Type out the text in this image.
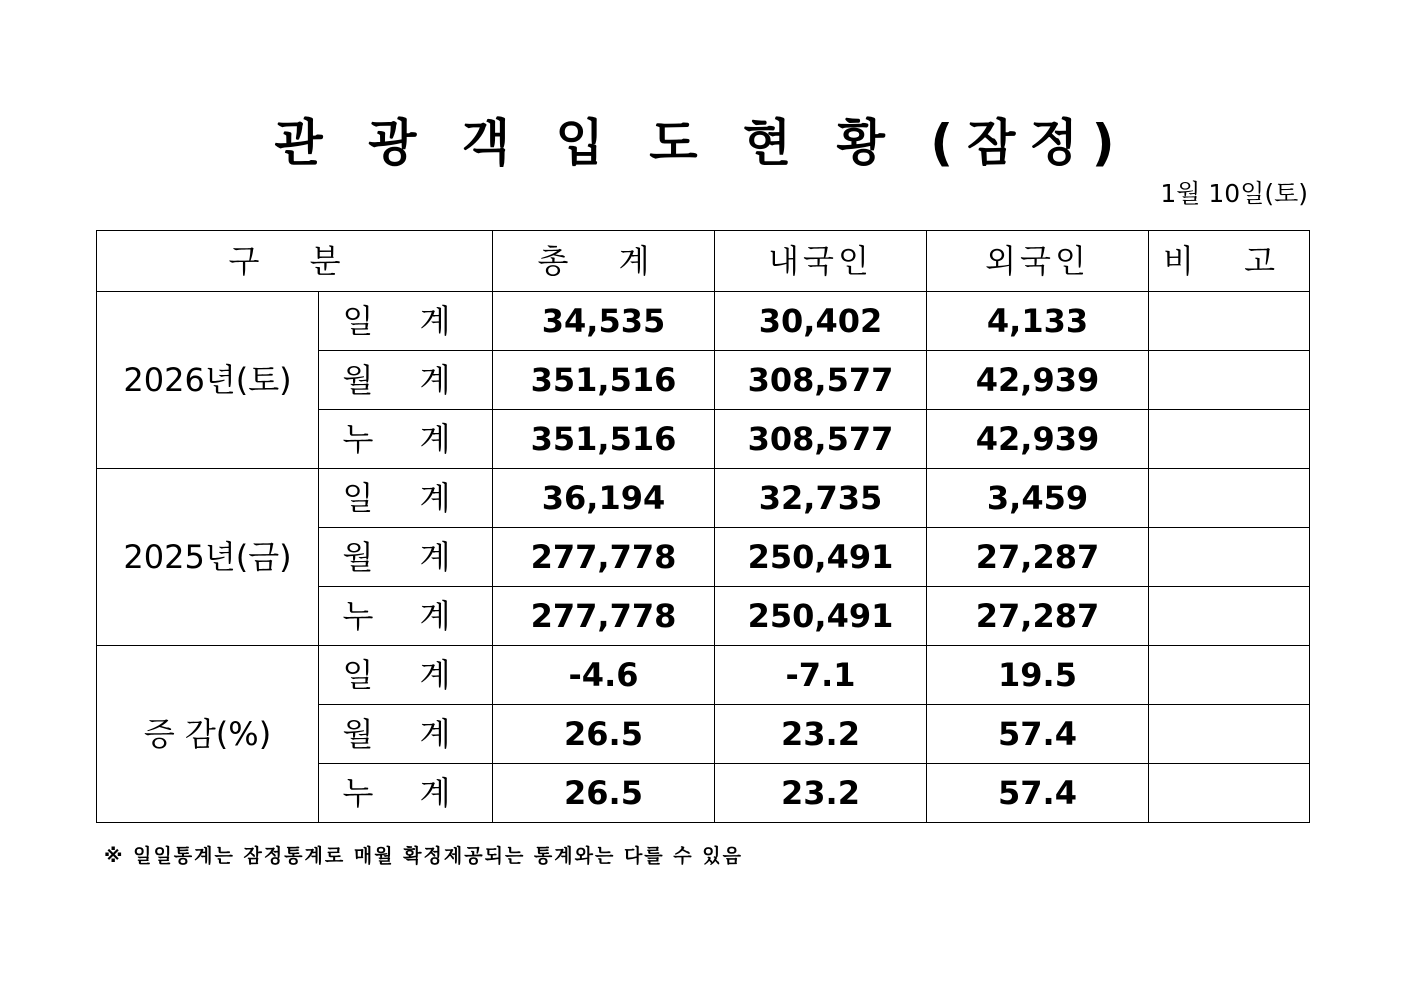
관 광 객 입 도 현 황 (잠정)
1월 10일(토)
구 분		총 계	내국인	외국인	비 고
2026년(토)	일 계	34,535	30,402	4,133	
	월 계	351,516	308,577	42,939	
	누 계	351,516	308,577	42,939	
2025년(금)	일 계	36,194	32,735	3,459	
	월 계	277,778	250,491	27,287	
	누 계	277,778	250,491	27,287	
증 감(%)	일 계	-4.6	-7.1	19.5	
	월 계	26.5	23.2	57.4	
	누 계	26.5	23.2	57.4	
※ 일일통계는 잠정통계로 매월 확정제공되는 통계와는 다를 수 있음
